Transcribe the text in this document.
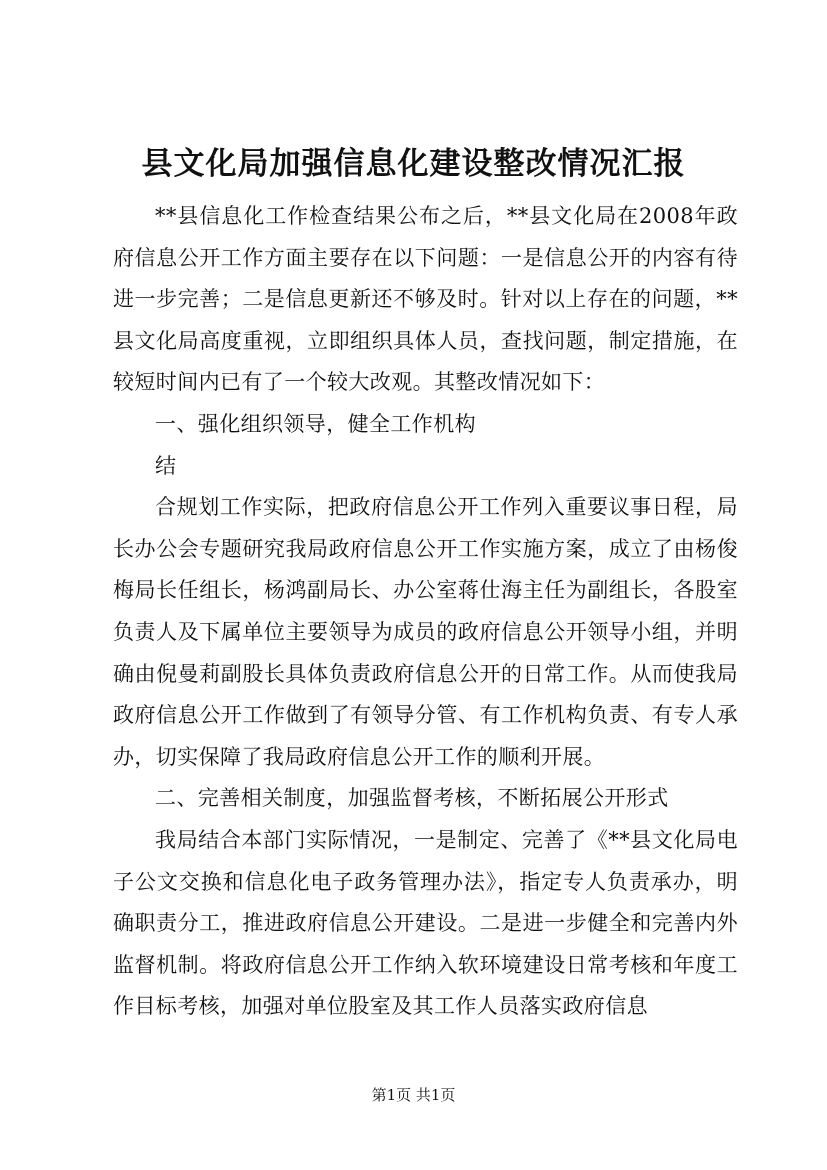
县文化局加强信息化建设整改情况汇报

**县信息化工作检查结果公布之后，**县文化局在2008年政府信息公开工作方面主要存在以下问题：一是信息公开的内容有待进一步完善；二是信息更新还不够及时。针对以上存在的问题，**县文化局高度重视，立即组织具体人员，查找问题，制定措施，在较短时间内已有了一个较大改观。其整改情况如下：

一、强化组织领导，健全工作机构

结

合规划工作实际，把政府信息公开工作列入重要议事日程，局长办公会专题研究我局政府信息公开工作实施方案，成立了由杨俊梅局长任组长，杨鸿副局长、办公室蒋仕海主任为副组长，各股室负责人及下属单位主要领导为成员的政府信息公开领导小组，并明确由倪曼莉副股长具体负责政府信息公开的日常工作。从而使我局政府信息公开工作做到了有领导分管、有工作机构负责、有专人承办，切实保障了我局政府信息公开工作的顺利开展。

二、完善相关制度，加强监督考核，不断拓展公开形式

我局结合本部门实际情况，一是制定、完善了《**县文化局电子公文交换和信息化电子政务管理办法》，指定专人负责承办，明确职责分工，推进政府信息公开建设。二是进一步健全和完善内外监督机制。将政府信息公开工作纳入软环境建设日常考核和年度工作目标考核，加强对单位股室及其工作人员落实政府信息

第1页 共1页
